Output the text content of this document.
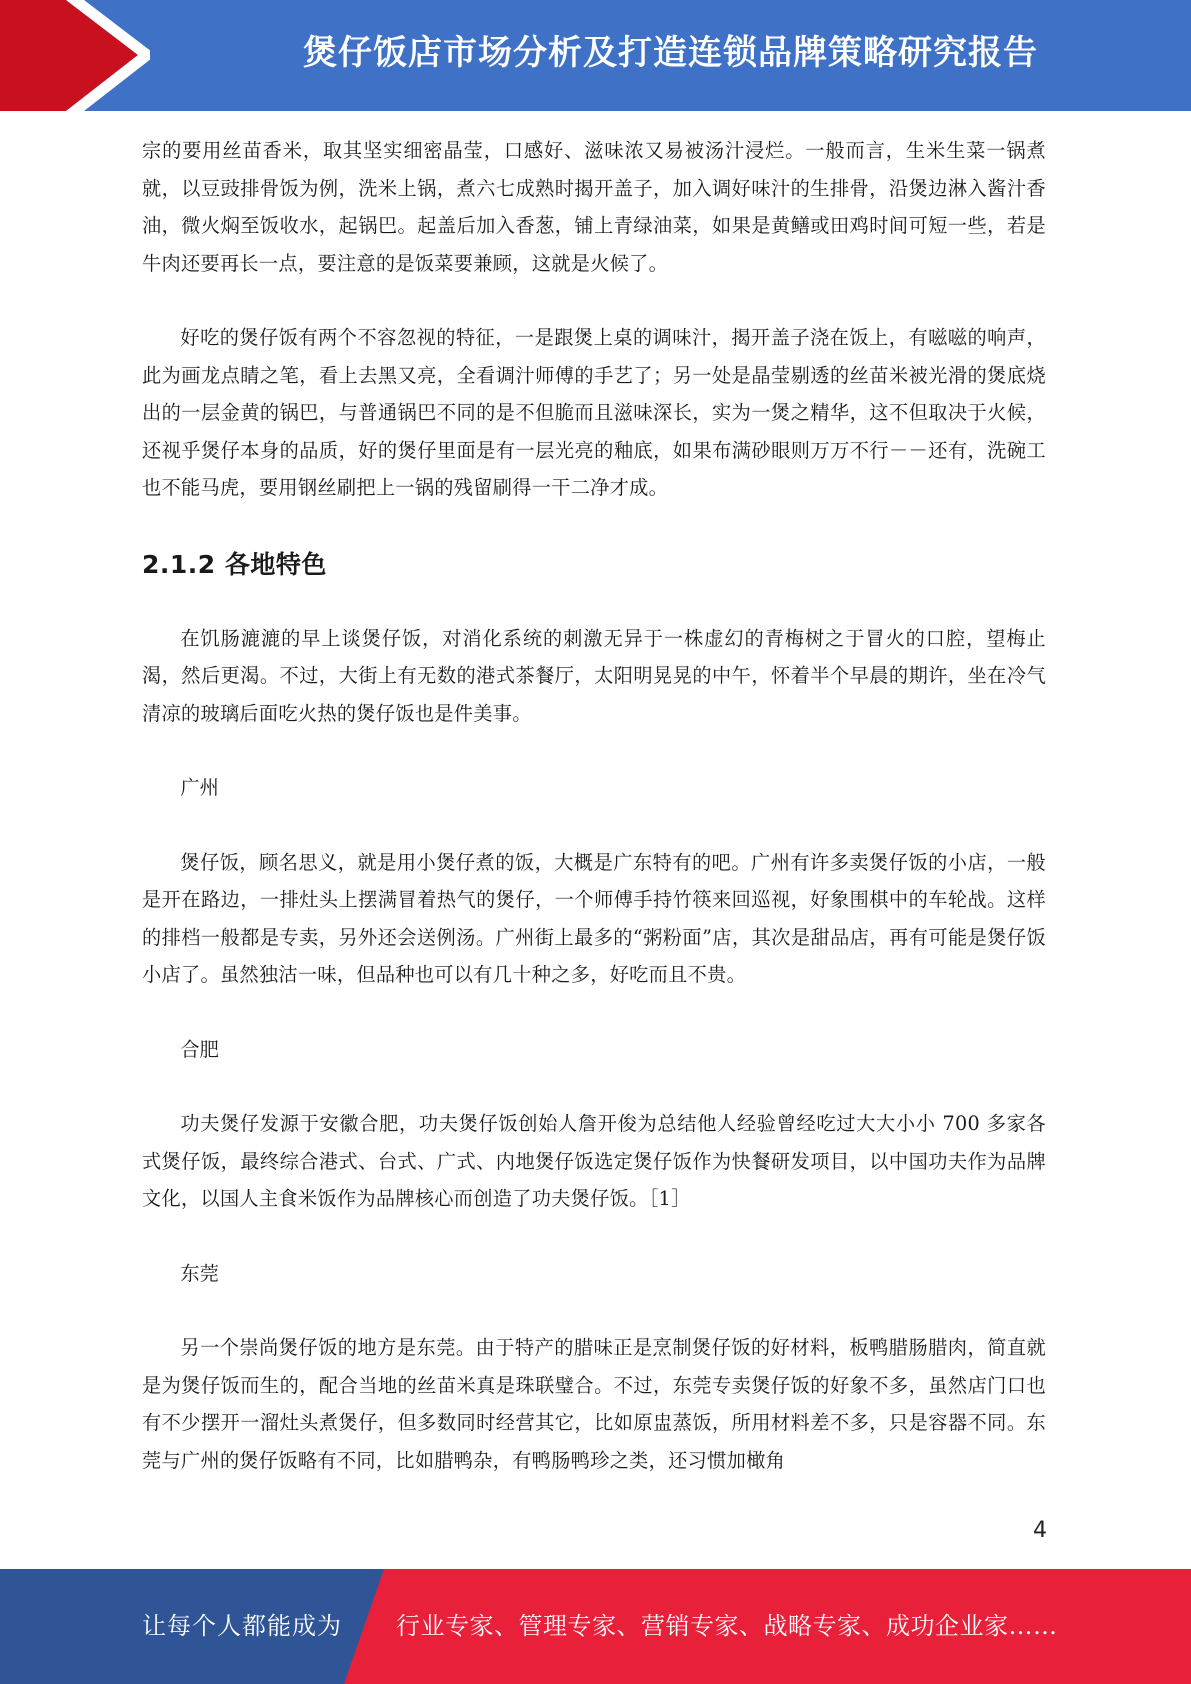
煲仔饭店市场分析及打造连锁品牌策略研究报告

宗的要用丝苗香米，取其坚实细密晶莹，口感好、滋味浓又易被汤汁浸烂。一般而言，生米生菜一锅煮就，以豆豉排骨饭为例，洗米上锅，煮六七成熟时揭开盖子，加入调好味汁的生排骨，沿煲边淋入酱汁香油，微火焖至饭收水，起锅巴。起盖后加入香葱，铺上青绿油菜，如果是黄鳝或田鸡时间可短一些，若是牛肉还要再长一点，要注意的是饭菜要兼顾，这就是火候了。

好吃的煲仔饭有两个不容忽视的特征，一是跟煲上桌的调味汁，揭开盖子浇在饭上，有嗞嗞的响声，此为画龙点睛之笔，看上去黑又亮，全看调汁师傅的手艺了；另一处是晶莹剔透的丝苗米被光滑的煲底烧出的一层金黄的锅巴，与普通锅巴不同的是不但脆而且滋味深长，实为一煲之精华，这不但取决于火候，还视乎煲仔本身的品质，好的煲仔里面是有一层光亮的釉底，如果布满砂眼则万万不行－－还有，洗碗工也不能马虎，要用钢丝刷把上一锅的残留刷得一干二净才成。

2.1.2 各地特色

在饥肠漉漉的早上谈煲仔饭，对消化系统的刺激无异于一株虚幻的青梅树之于冒火的口腔，望梅止渴，然后更渴。不过，大街上有无数的港式茶餐厅，太阳明晃晃的中午，怀着半个早晨的期许，坐在冷气清凉的玻璃后面吃火热的煲仔饭也是件美事。

广州

煲仔饭，顾名思义，就是用小煲仔煮的饭，大概是广东特有的吧。广州有许多卖煲仔饭的小店，一般是开在路边，一排灶头上摆满冒着热气的煲仔，一个师傅手持竹筷来回巡视，好象围棋中的车轮战。这样的排档一般都是专卖，另外还会送例汤。广州街上最多的“粥粉面”店，其次是甜品店，再有可能是煲仔饭小店了。虽然独沽一味，但品种也可以有几十种之多，好吃而且不贵。

合肥

功夫煲仔发源于安徽合肥，功夫煲仔饭创始人詹开俊为总结他人经验曾经吃过大大小小 700 多家各式煲仔饭，最终综合港式、台式、广式、内地煲仔饭选定煲仔饭作为快餐研发项目，以中国功夫作为品牌文化，以国人主食米饭作为品牌核心而创造了功夫煲仔饭。［1］

东莞

另一个崇尚煲仔饭的地方是东莞。由于特产的腊味正是烹制煲仔饭的好材料，板鸭腊肠腊肉，简直就是为煲仔饭而生的，配合当地的丝苗米真是珠联璧合。不过，东莞专卖煲仔饭的好象不多，虽然店门口也有不少摆开一溜灶头煮煲仔，但多数同时经营其它，比如原盅蒸饭，所用材料差不多，只是容器不同。东莞与广州的煲仔饭略有不同，比如腊鸭杂，有鸭肠鸭珍之类，还习惯加橄角

4
让每个人都能成为 行业专家、管理专家、营销专家、战略专家、成功企业家……
